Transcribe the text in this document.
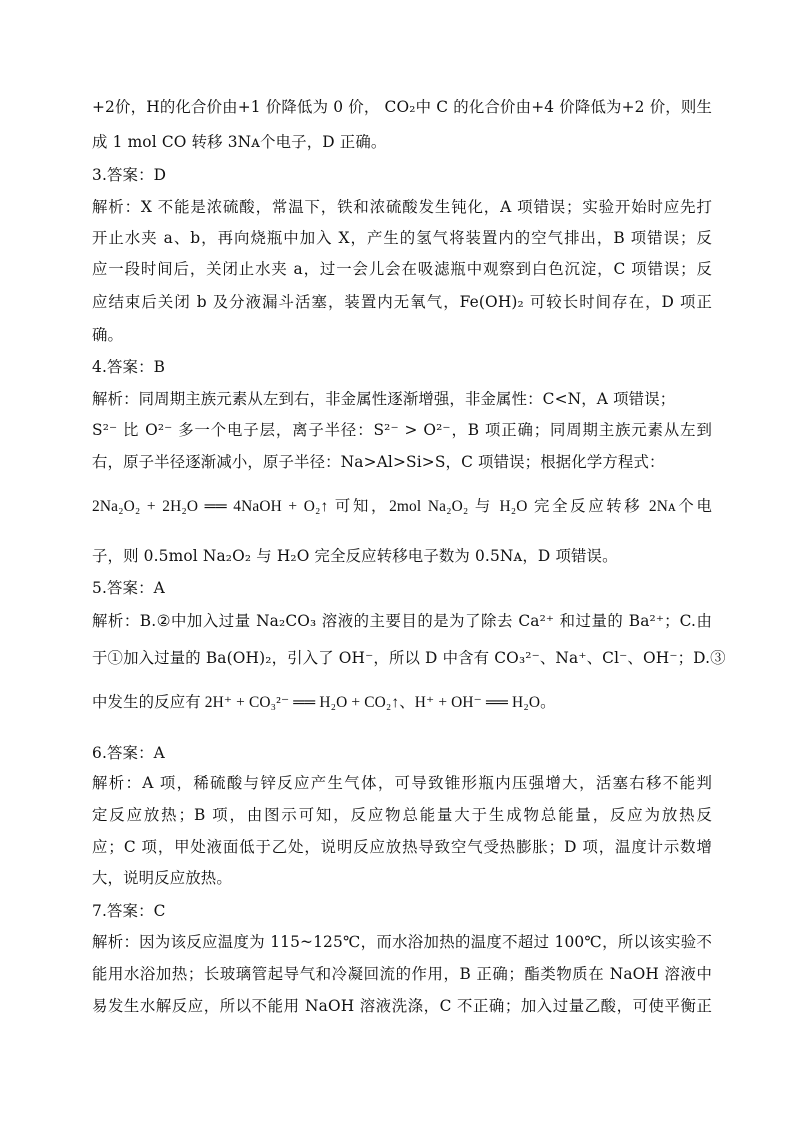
+2价，H的化合价由+1 价降低为 0 价， CO₂中 C 的化合价由+4 价降低为+2 价，则生
成 1 mol CO 转移 3Nᴀ个电子，D 正确。
3.答案：D
解析：X 不能是浓硫酸，常温下，铁和浓硫酸发生钝化，A 项错误；实验开始时应先打
开止水夹 a、b，再向烧瓶中加入 X，产生的氢气将装置内的空气排出，B 项错误；反
应一段时间后，关闭止水夹 a，过一会儿会在吸滤瓶中观察到白色沉淀，C 项错误；反
应结束后关闭 b 及分液漏斗活塞，装置内无氧气，Fe(OH)₂ 可较长时间存在，D 项正
确。
4.答案：B
解析：同周期主族元素从左到右，非金属性逐渐增强，非金属性：C<N，A 项错误；
S²⁻ 比 O²⁻ 多一个电子层，离子半径：S²⁻ > O²⁻，B 项正确；同周期主族元素从左到
右，原子半径逐渐减小，原子半径：Na>Al>Si>S，C 项错误；根据化学方程式：
2Na₂O₂ + 2H₂O ══ 4NaOH + O₂↑ 可知，2mol Na₂O₂ 与 H₂O 完全反应转移 2Nᴀ个电
子，则 0.5mol Na₂O₂ 与 H₂O 完全反应转移电子数为 0.5Nᴀ，D 项错误。
5.答案：A
解析：B.②中加入过量 Na₂CO₃ 溶液的主要目的是为了除去 Ca²⁺ 和过量的 Ba²⁺；C.由
于①加入过量的 Ba(OH)₂，引入了 OH⁻，所以 D 中含有 CO₃²⁻、Na⁺、Cl⁻、OH⁻；D.③
中发生的反应有 2H⁺ + CO₃²⁻ ══ H₂O + CO₂↑、H⁺ + OH⁻ ══ H₂O。
6.答案：A
解析：A 项，稀硫酸与锌反应产生气体，可导致锥形瓶内压强增大，活塞右移不能判
定反应放热；B 项，由图示可知，反应物总能量大于生成物总能量，反应为放热反
应；C 项，甲处液面低于乙处，说明反应放热导致空气受热膨胀；D 项，温度计示数增
大，说明反应放热。
7.答案：C
解析：因为该反应温度为 115~125℃，而水浴加热的温度不超过 100℃，所以该实验不
能用水浴加热；长玻璃管起导气和冷凝回流的作用，B 正确；酯类物质在 NaOH 溶液中
易发生水解反应，所以不能用 NaOH 溶液洗涤，C 不正确；加入过量乙酸，可使平衡正
